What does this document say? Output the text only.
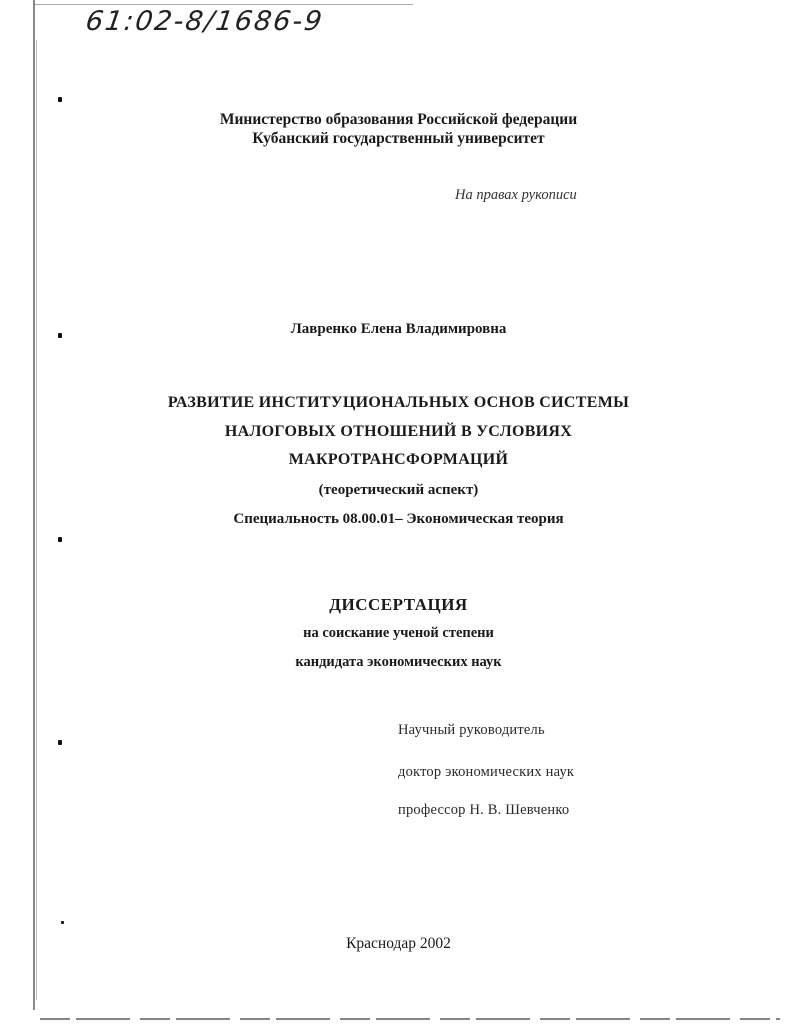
61:02-8/1686-9
Министерство образования Российской федерации
Кубанский государственный университет
На правах рукописи
Лавренко Елена Владимировна
РАЗВИТИЕ ИНСТИТУЦИОНАЛЬНЫХ ОСНОВ СИСТЕМЫ
НАЛОГОВЫХ ОТНОШЕНИЙ В УСЛОВИЯХ
МАКРОТРАНСФОРМАЦИЙ
(теоретический аспект)
Специальность 08.00.01– Экономическая теория
ДИССЕРТАЦИЯ
на соискание ученой степени
кандидата экономических наук
Научный руководитель
доктор экономических наук
профессор Н. В. Шевченко
Краснодар 2002
